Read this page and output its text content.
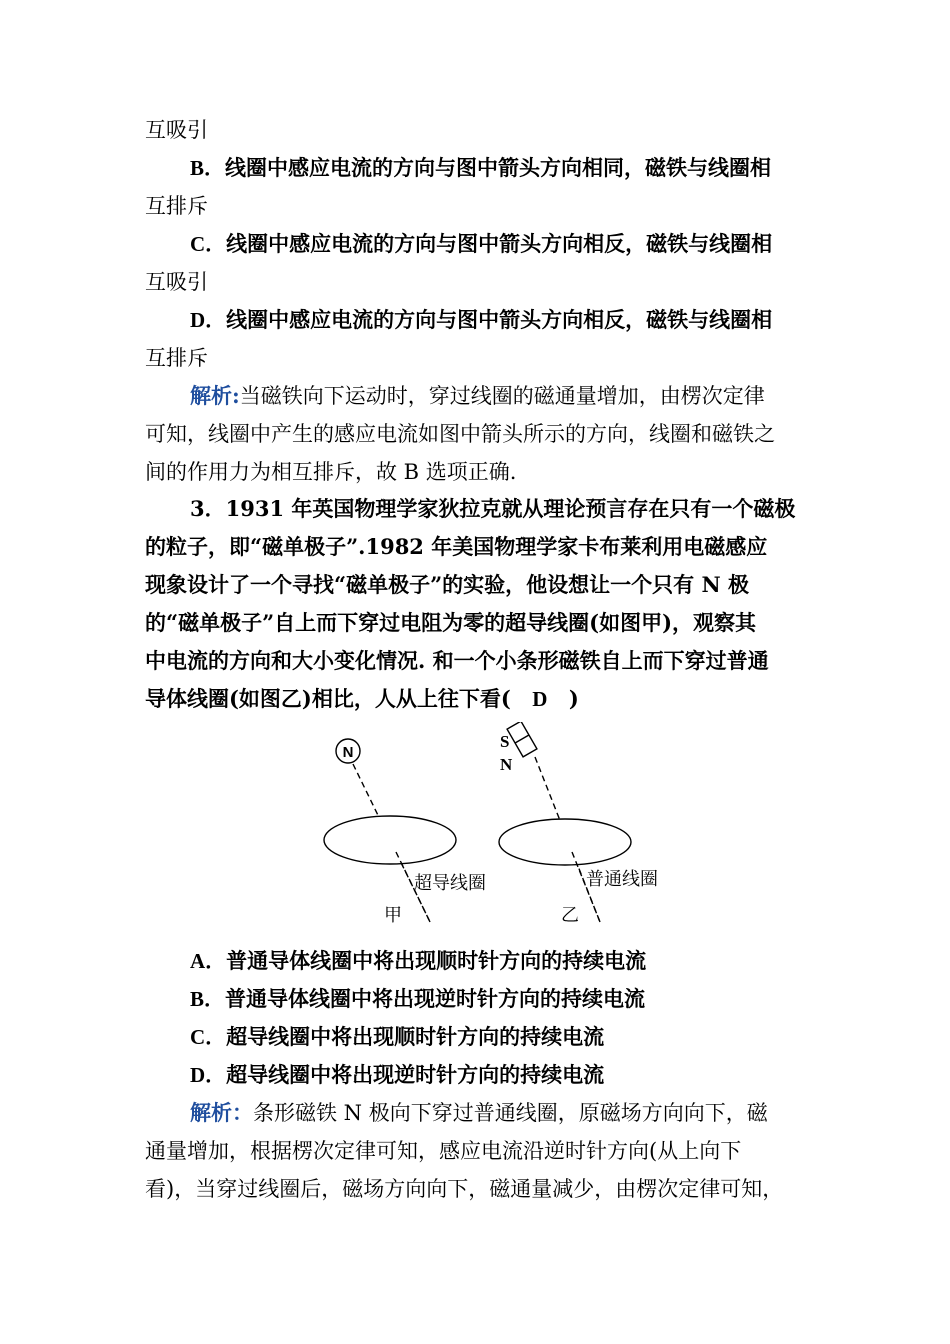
互吸引
B．线圈中感应电流的方向与图中箭头方向相同，磁铁与线圈相
互排斥
C．线圈中感应电流的方向与图中箭头方向相反，磁铁与线圈相
互吸引
D．线圈中感应电流的方向与图中箭头方向相反，磁铁与线圈相
互排斥
解析:当磁铁向下运动时，穿过线圈的磁通量增加，由楞次定律
可知，线圈中产生的感应电流如图中箭头所示的方向，线圈和磁铁之
间的作用力为相互排斥，故 B 选项正确.
3．1931 年英国物理学家狄拉克就从理论预言存在只有一个磁极
的粒子，即“磁单极子”.1982 年美国物理学家卡布莱利用电磁感应
现象设计了一个寻找“磁单极子”的实验，他设想让一个只有 N 极
的“磁单极子”自上而下穿过电阻为零的超导线圈(如图甲)，观察其
中电流的方向和大小变化情况. 和一个小条形磁铁自上而下穿过普通
导体线圈(如图乙)相比，人从上往下看( D )
N
S
N
超导线圈	普通线圈
甲	乙
A．普通导体线圈中将出现顺时针方向的持续电流
B．普通导体线圈中将出现逆时针方向的持续电流
C．超导线圈中将出现顺时针方向的持续电流
D．超导线圈中将出现逆时针方向的持续电流
解析：条形磁铁 N 极向下穿过普通线圈，原磁场方向向下，磁
通量增加，根据楞次定律可知，感应电流沿逆时针方向(从上向下
看)，当穿过线圈后，磁场方向向下，磁通量减少，由楞次定律可知，
